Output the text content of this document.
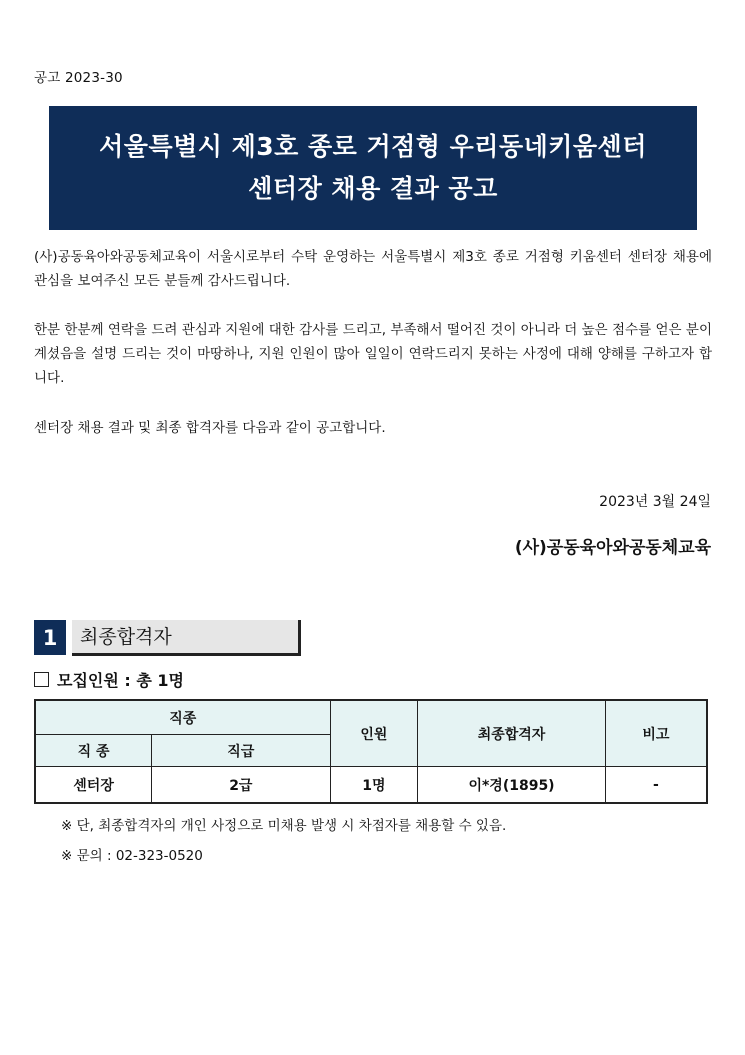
공고 2023-30
서울특별시 제3호 종로 거점형 우리동네키움센터
센터장 채용 결과 공고
(사)공동육아와공동체교육이 서울시로부터 수탁 운영하는 서울특별시 제3호 종로 거점형 키움센터 센터장 채용에 관심을 보여주신 모든 분들께 감사드립니다.
한분 한분께 연락을 드려 관심과 지원에 대한 감사를 드리고, 부족해서 떨어진 것이 아니라 더 높은 점수를 얻은 분이 계셨음을 설명 드리는 것이 마땅하나, 지원 인원이 많아 일일이 연락드리지 못하는 사정에 대해 양해를 구하고자 합니다.
센터장 채용 결과 및 최종 합격자를 다음과 같이 공고합니다.
2023년 3월 24일
(사)공동육아와공동체교육
1	최종합격자
모집인원 : 총 1명
직종		인원	최종합격자	비고
직 종	직급			
센터장	2급	1명	이*경(1895)	-
※ 단, 최종합격자의 개인 사정으로 미채용 발생 시 차점자를 채용할 수 있음.
※ 문의 : 02-323-0520
